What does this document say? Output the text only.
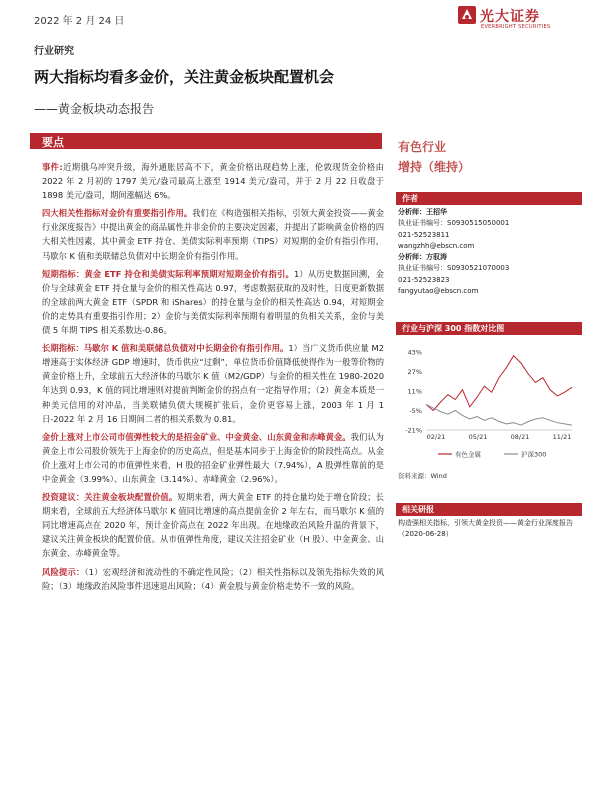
2022 年 2 月 24 日	光大证券
EVERBRIGHT SECURITIES
行业研究
两大指标均看多金价，关注黄金板块配置机会
——黄金板块动态报告
要点

事件:近期俄乌冲突升级，海外通胀居高不下，黄金价格出现趋势上涨，伦敦现货金价格由 2022 年 2 月初的 1797 美元/盎司最高上涨至 1914 美元/盎司，并于 2 月 22 日收盘于 1898 美元/盎司，期间涨幅达 6%。

四大相关性指标对金价有重要指引作用。我们在《构造强相关指标，引领大黄金投资——黄金行业深度报告》中提出黄金的商品属性并非金价的主要决定因素，并提出了影响黄金价格的四大相关性因素，其中黄金 ETF 持仓、美债实际利率预期（TIPS）对短期的金价有指引作用，马歇尔 K 值和美联储总负债对中长期金价有指引作用。

短期指标：黄金 ETF 持仓和美债实际利率预期对短期金价有指引。1）从历史数据回溯，金价与全球黄金 ETF 持仓量与金价的相关性高达 0.97，考虑数据获取的及时性，日度更新数据的全球前两大黄金 ETF（SPDR 和 iShares）的持仓量与金价的相关性高达 0.94，对短期金价的走势具有重要指引作用；2）金价与美债实际利率预期有着明显的负相关关系，金价与美债 5 年期 TIPS 相关系数达-0.86。

长期指标：马歇尔 K 值和美联储总负债对中长期金价有指引作用。1）当广义货币供应量 M2 增速高于实体经济 GDP 增速时，货币供应“过剩”，单位货币价值降低使得作为一般等价物的黄金价格上升，全球前五大经济体的马歇尔 K 值（M2/GDP）与金价的相关性在 1980-2020 年达到 0.93，K 值的同比增速则对提前判断金价的拐点有一定指导作用；（2）黄金本质是一种美元信用的对冲品，当美联储负债大规模扩张后，金价更容易上涨，2003 年 1 月 1 日-2022 年 2 月 16 日期间二者的相关系数为 0.81。

金价上涨对上市公司市值弹性较大的是招金矿业、中金黄金、山东黄金和赤峰黄金。我们认为黄金上市公司股价领先于上海金价的历史高点，但是基本同步于上海金价的阶段性高点。从金价上涨对上市公司的市值弹性来看，H 股的招金矿业弹性最大（7.94%），A 股弹性靠前的是中金黄金（3.99%）、山东黄金（3.14%）、赤峰黄金（2.96%）。

投资建议：关注黄金板块配置价值。短期来看，两大黄金 ETF 的持仓量均处于增仓阶段；长期来看，全球前五大经济体马歇尔 K 值同比增速的高点提前金价 2 年左右，而马歇尔 K 值的同比增速高点在 2020 年，预计金价高点在 2022 年出现。在地缘政治风险升温的背景下，建议关注黄金板块的配置价值。从市值弹性角度，建议关注招金矿业（H 股）、中金黄金、山东黄金、赤峰黄金等。

风险提示：（1）宏观经济和流动性的不确定性风险；（2）相关性指标以及领先指标失效的风险；（3）地缘政治风险事件迅速退出风险；（4）黄金股与黄金价格走势不一致的风险。

有色行业
增持（维持）
作者
分析师：王招华
执业证书编号：S0930515050001
021-52523811
wangzhh@ebscn.com
分析师：方驭涛
执业证书编号：S0930521070003
021-52523823
fangyutao@ebscn.com
行业与沪深 300 指数对比图
43%
27%
11%
-5%
-21%
02/21	05/21	08/21	11/21
有色金属	沪深300
资料来源：Wind
相关研报
构造强相关指标，引领大黄金投资——黄金行业深度报告（2020-06-28）
